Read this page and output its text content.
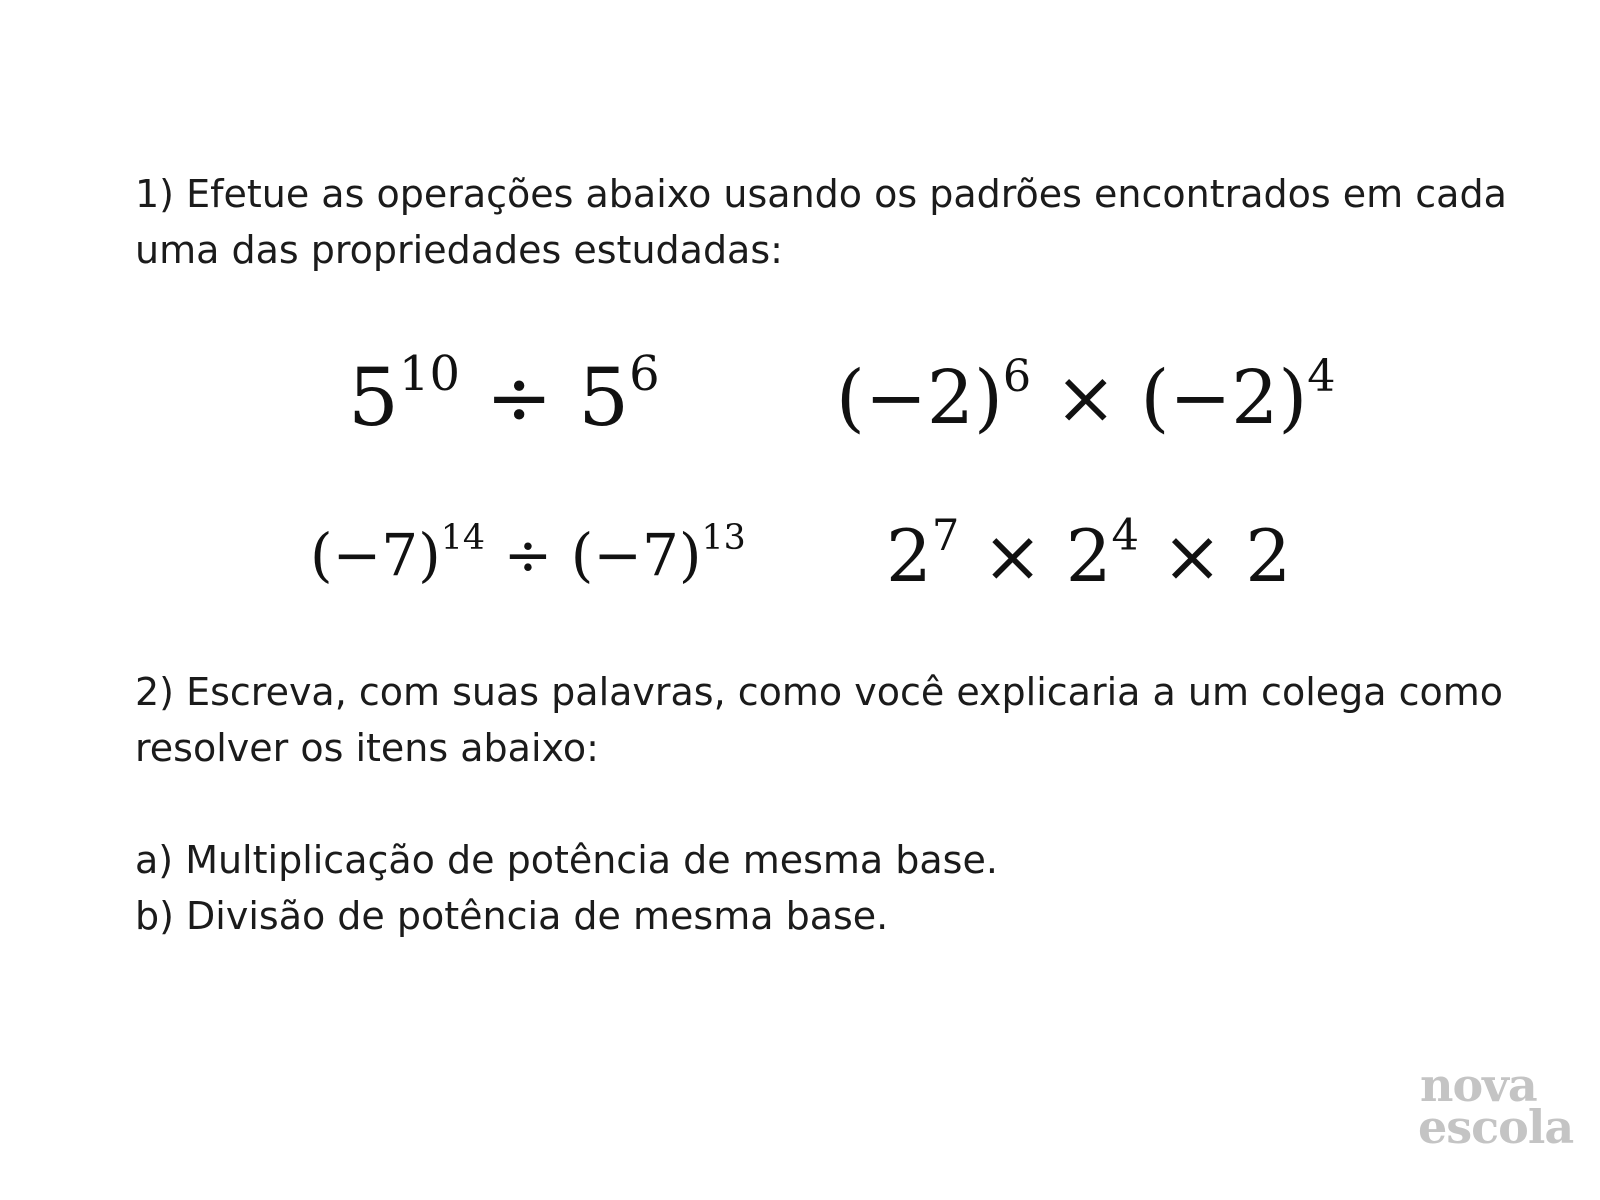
1) Efetue as operações abaixo usando os padrões encontrados em cada
uma das propriedades estudadas:
$5^{10} \div 5^6$ $(-2)^6 \times (-2)^4$
$(-7)^{14} \div (-7)^{13}$ $2^7 \times 2^4 \times 2$
2) Escreva, com suas palavras, como você explicaria a um colega como
resolver os itens abaixo:
a) Multiplicação de potência de mesma base.
b) Divisão de potência de mesma base.
nova
escola
